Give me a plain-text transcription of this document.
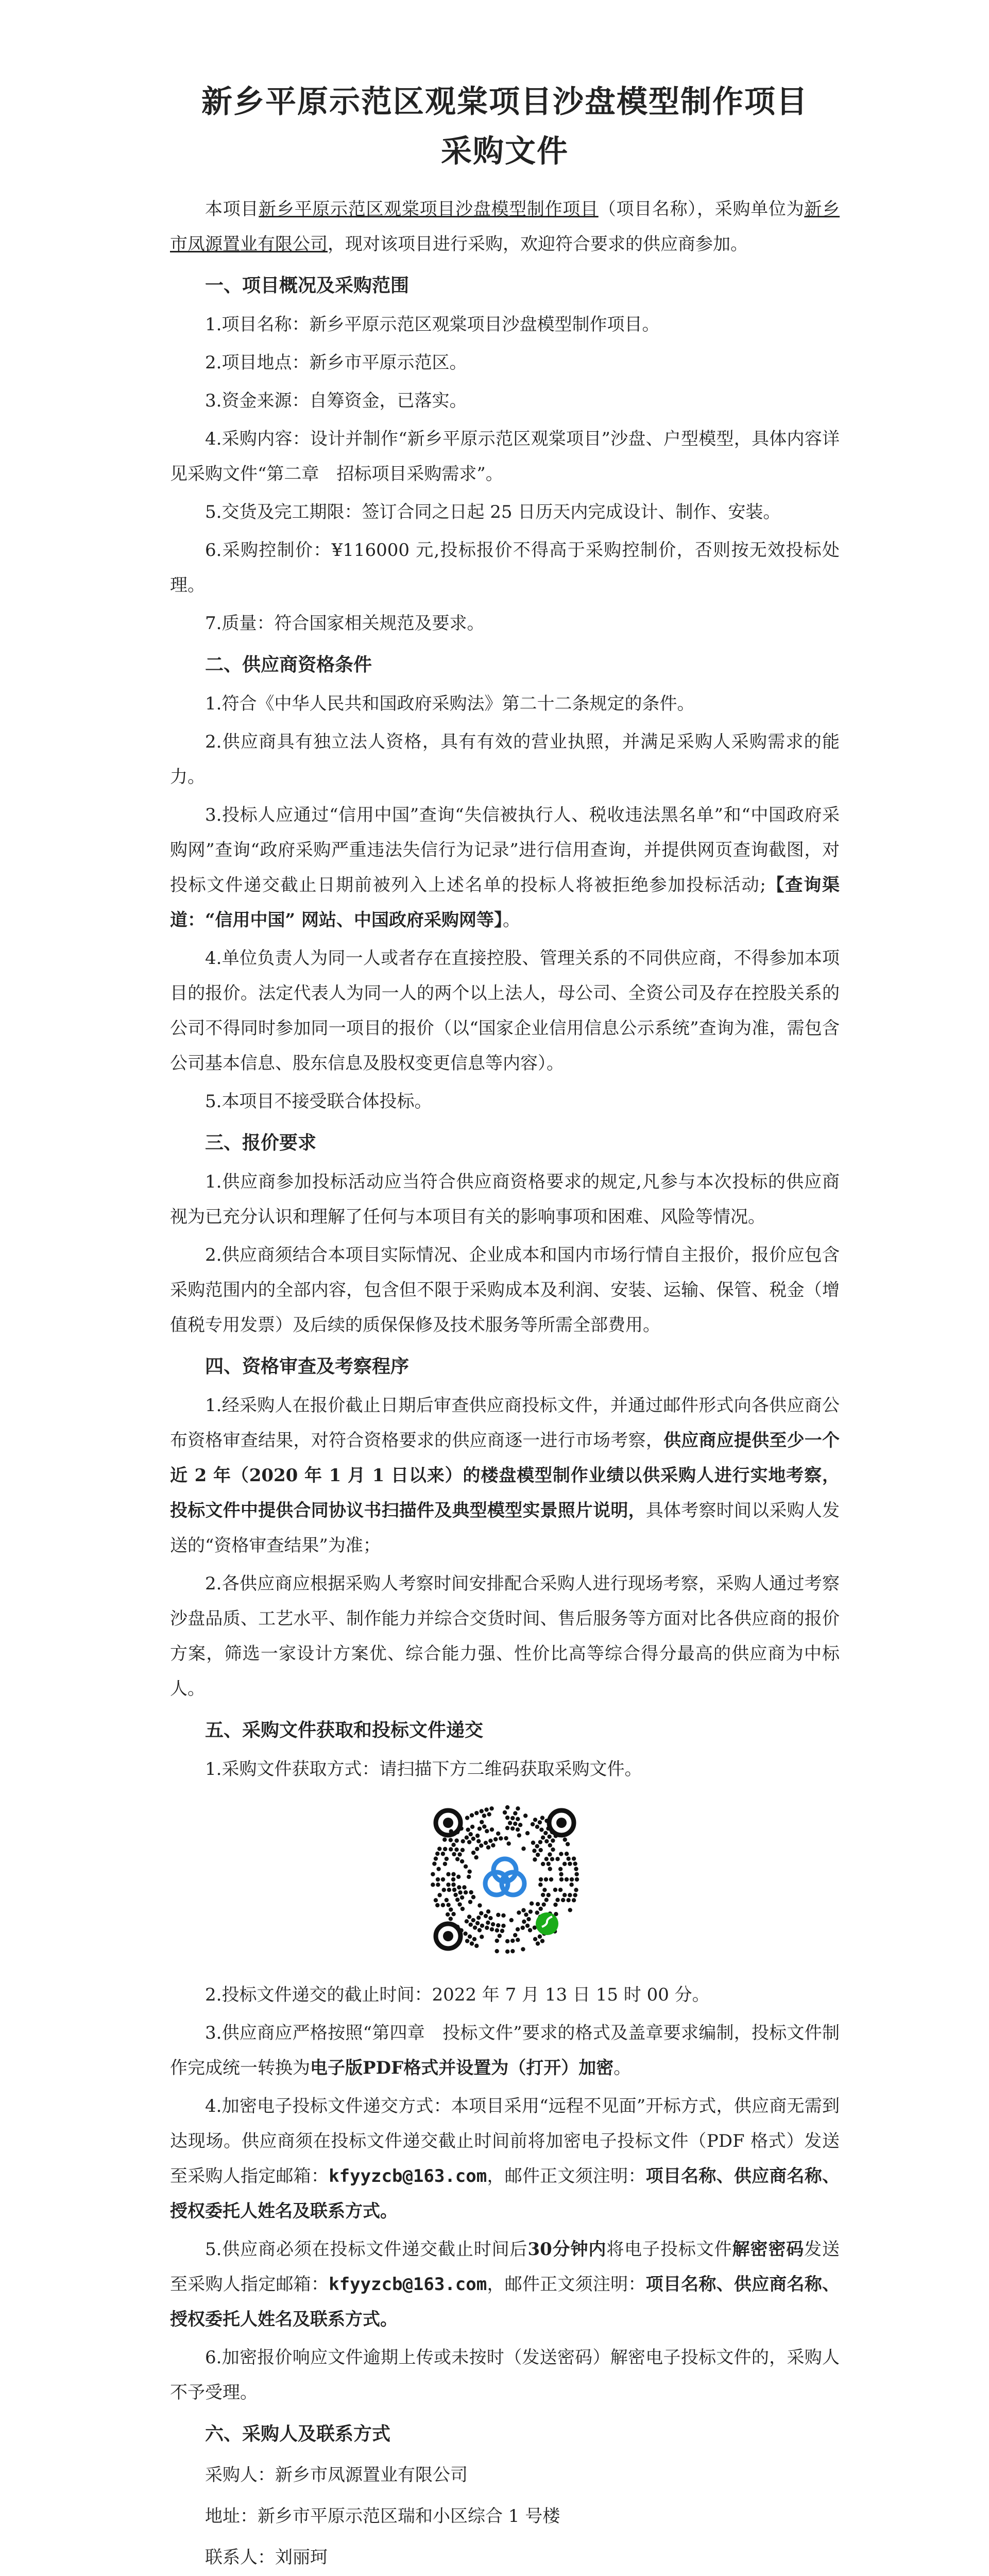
新乡平原示范区观棠项目沙盘模型制作项目
采购文件

本项目新乡平原示范区观棠项目沙盘模型制作项目（项目名称），采购单位为新乡市凤源置业有限公司，现对该项目进行采购，欢迎符合要求的供应商参加。

一、项目概况及采购范围

1.项目名称：新乡平原示范区观棠项目沙盘模型制作项目。

2.项目地点：新乡市平原示范区。

3.资金来源：自筹资金，已落实。

4.采购内容：设计并制作“新乡平原示范区观棠项目”沙盘、户型模型，具体内容详见采购文件“第二章　招标项目采购需求”。

5.交货及完工期限：签订合同之日起 25 日历天内完成设计、制作、安装。

6.采购控制价：¥116000 元,投标报价不得高于采购控制价，否则按无效投标处理。

7.质量：符合国家相关规范及要求。

二、供应商资格条件

1.符合《中华人民共和国政府采购法》第二十二条规定的条件。

2.供应商具有独立法人资格，具有有效的营业执照，并满足采购人采购需求的能力。

3.投标人应通过“信用中国”查询“失信被执行人、税收违法黑名单”和“中国政府采购网”查询“政府采购严重违法失信行为记录”进行信用查询，并提供网页查询截图，对投标文件递交截止日期前被列入上述名单的投标人将被拒绝参加投标活动;【查询渠道：“信用中国” 网站、中国政府采购网等】。

4.单位负责人为同一人或者存在直接控股、管理关系的不同供应商，不得参加本项目的报价。法定代表人为同一人的两个以上法人，母公司、全资公司及存在控股关系的公司不得同时参加同一项目的报价（以“国家企业信用信息公示系统”查询为准，需包含公司基本信息、股东信息及股权变更信息等内容）。

5.本项目不接受联合体投标。

三、报价要求

1.供应商参加投标活动应当符合供应商资格要求的规定,凡参与本次投标的供应商视为已充分认识和理解了任何与本项目有关的影响事项和困难、风险等情况。

2.供应商须结合本项目实际情况、企业成本和国内市场行情自主报价，报价应包含采购范围内的全部内容，包含但不限于采购成本及利润、安装、运输、保管、税金（增值税专用发票）及后续的质保保修及技术服务等所需全部费用。

四、资格审查及考察程序

1.经采购人在报价截止日期后审查供应商投标文件，并通过邮件形式向各供应商公布资格审查结果，对符合资格要求的供应商逐一进行市场考察，供应商应提供至少一个近 2 年（2020 年 1 月 1 日以来）的楼盘模型制作业绩以供采购人进行实地考察，投标文件中提供合同协议书扫描件及典型模型实景照片说明，具体考察时间以采购人发送的“资格审查结果”为准；

2.各供应商应根据采购人考察时间安排配合采购人进行现场考察，采购人通过考察沙盘品质、工艺水平、制作能力并综合交货时间、售后服务等方面对比各供应商的报价方案，筛选一家设计方案优、综合能力强、性价比高等综合得分最高的供应商为中标人。

五、采购文件获取和投标文件递交

1.采购文件获取方式：请扫描下方二维码获取采购文件。

2.投标文件递交的截止时间：2022 年 7 月 13 日 15 时 00 分。

3.供应商应严格按照“第四章　投标文件”要求的格式及盖章要求编制，投标文件制作完成统一转换为电子版PDF格式并设置为（打开）加密。

4.加密电子投标文件递交方式：本项目采用“远程不见面”开标方式，供应商无需到达现场。供应商须在投标文件递交截止时间前将加密电子投标文件（PDF 格式）发送至采购人指定邮箱：kfyyzcb@163.com，邮件正文须注明：项目名称、供应商名称、授权委托人姓名及联系方式。

5.供应商必须在投标文件递交截止时间后30分钟内将电子投标文件解密密码发送至采购人指定邮箱：kfyyzcb@163.com，邮件正文须注明：项目名称、供应商名称、授权委托人姓名及联系方式。

6.加密报价响应文件逾期上传或未按时（发送密码）解密电子投标文件的，采购人不予受理。

六、采购人及联系方式

采购人：新乡市凤源置业有限公司

地址：新乡市平原示范区瑞和小区综合 1 号楼

联系人：刘丽珂
